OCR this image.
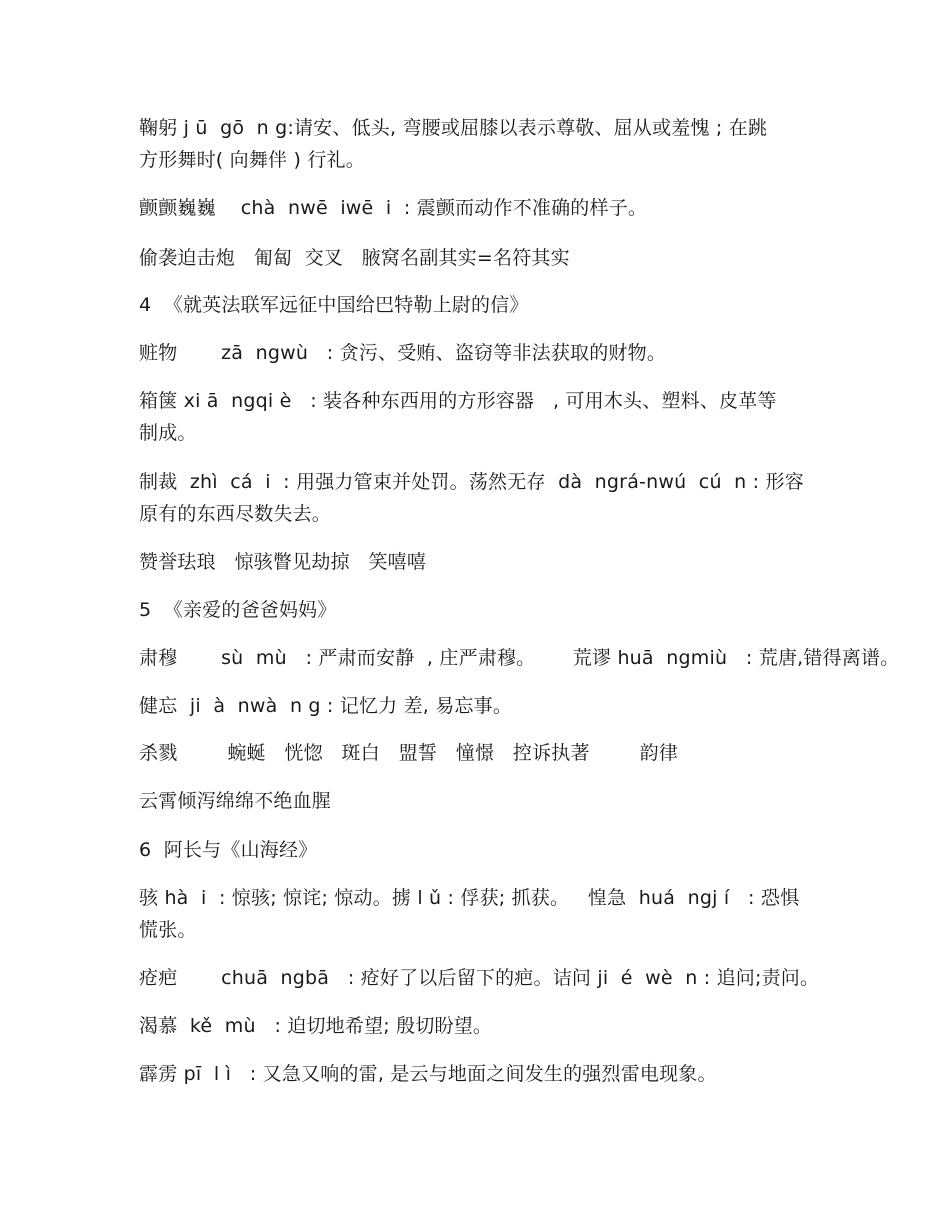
鞠躬 j ū  gō  n g:请安、低头, 弯腰或屈膝以表示尊敬、屈从或羞愧 ; 在跳
方形舞时( 向舞伴 ) 行礼。
颤颤巍巍    chà  nwē  iwē  i  : 震颤而动作不准确的样子。
偷袭迫击炮   匍匐  交叉   腋窝名副其实=名符其实
4  《就英法联军远征中国给巴特勒上尉的信》
赃物       zā  ngwù   : 贪污、受贿、盗窃等非法获取的财物。
箱箧 xi ā  ngqi è   : 装各种东西用的方形容器   , 可用木头、塑料、皮革等
制成。
制裁  zhì  cá  i  : 用强力管束并处罚。荡然无存  dà  ngrá-nwú  cú  n : 形容
原有的东西尽数失去。
赞誉珐琅   惊骇瞥见劫掠   笑嘻嘻
5  《亲爱的爸爸妈妈》
肃穆       sù  mù   : 严肃而安静  , 庄严肃穆。      荒谬 huā  ngmiù   : 荒唐,错得离谱。
健忘  ji  à  nwà  n g : 记忆力 差, 易忘事。
杀戮        蜿蜒   恍惚   斑白   盟誓   憧憬   控诉执著        韵律
云霄倾泻绵绵不绝血腥
6  阿长与《山海经》
骇 hà  i  : 惊骇; 惊诧; 惊动。掳 l ǔ : 俘获; 抓获。   惶急  huá  ngj í   : 恐惧
慌张。
疮疤       chuā  ngbā   : 疮好了以后留下的疤。诘问 ji  é  wè  n : 追问;责问。
渴慕  kě  mù   : 迫切地希望; 殷切盼望。
霹雳 pī  l ì   : 又急又响的雷, 是云与地面之间发生的强烈雷电现象。
